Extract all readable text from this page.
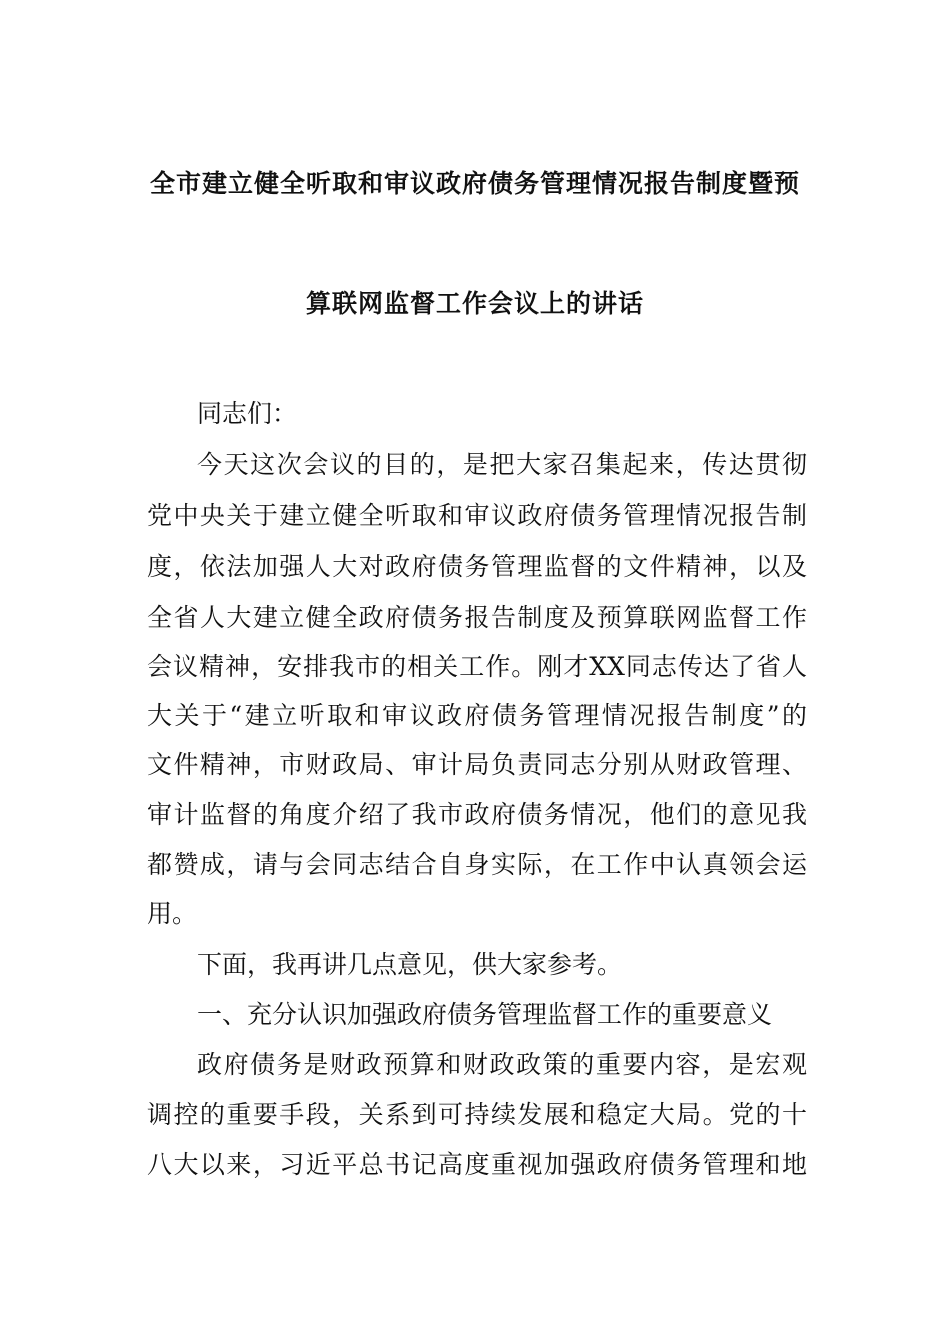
全市建立健全听取和审议政府债务管理情况报告制度暨预
算联网监督工作会议上的讲话
同志们：
今天这次会议的目的，是把大家召集起来，传达贯彻
党中央关于建立健全听取和审议政府债务管理情况报告制
度，依法加强人大对政府债务管理监督的文件精神，以及
全省人大建立健全政府债务报告制度及预算联网监督工作
会议精神，安排我市的相关工作。刚才XX同志传达了省人
大关于“建立听取和审议政府债务管理情况报告制度”的
文件精神，市财政局、审计局负责同志分别从财政管理、
审计监督的角度介绍了我市政府债务情况，他们的意见我
都赞成，请与会同志结合自身实际，在工作中认真领会运
用。
下面，我再讲几点意见，供大家参考。
一、充分认识加强政府债务管理监督工作的重要意义
政府债务是财政预算和财政政策的重要内容，是宏观
调控的重要手段，关系到可持续发展和稳定大局。党的十
八大以来，习近平总书记高度重视加强政府债务管理和地
